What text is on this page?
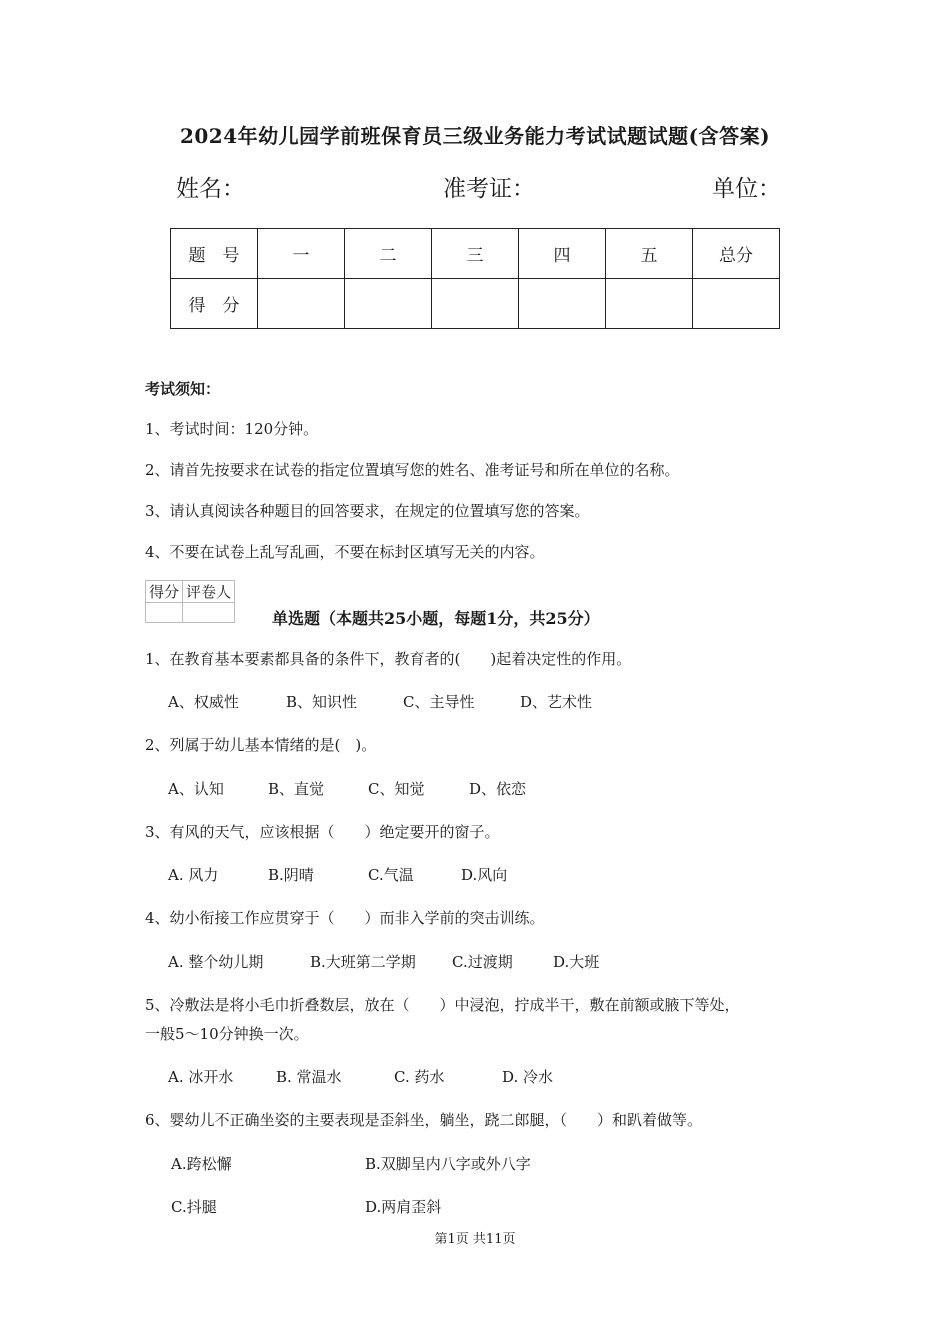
2024年幼儿园学前班保育员三级业务能力考试试题试题(含答案)
姓名：	准考证：	单位：
题　号	一	二	三	四	五	总分
得　分						
考试须知：
1、考试时间：120分钟。
2、请首先按要求在试卷的指定位置填写您的姓名、准考证号和所在单位的名称。
3、请认真阅读各种题目的回答要求，在规定的位置填写您的答案。
4、不要在试卷上乱写乱画，不要在标封区填写无关的内容。
得分	评卷人

单选题（本题共25小题，每题1分，共25分）
1、在教育基本要素都具备的条件下，教育者的(　　)起着决定性的作用。
A、权威性	B、知识性	C、主导性	D、艺术性
2、列属于幼儿基本情绪的是(　)。
A、认知	B、直觉	C、知觉	D、依恋
3、有风的天气，应该根据（　　）绝定要开的窗子。
A. 风力	B.阴晴	C.气温	D.风向
4、幼小衔接工作应贯穿于（　　）而非入学前的突击训练。
A. 整个幼儿期	B.大班第二学期 C.过渡期	D.大班
5、冷敷法是将小毛巾折叠数层，放在（　　）中浸泡，拧成半干，敷在前额或腋下等处，
一般5～10分钟换一次。
A. 冰开水	B. 常温水	C. 药水	D. 冷水
6、婴幼儿不正确坐姿的主要表现是歪斜坐，躺坐，跷二郎腿，（　　）和趴着做等。
A.跨松懈	B.双脚呈内八字或外八字
C.抖腿	D.两肩歪斜
第1页 共11页
